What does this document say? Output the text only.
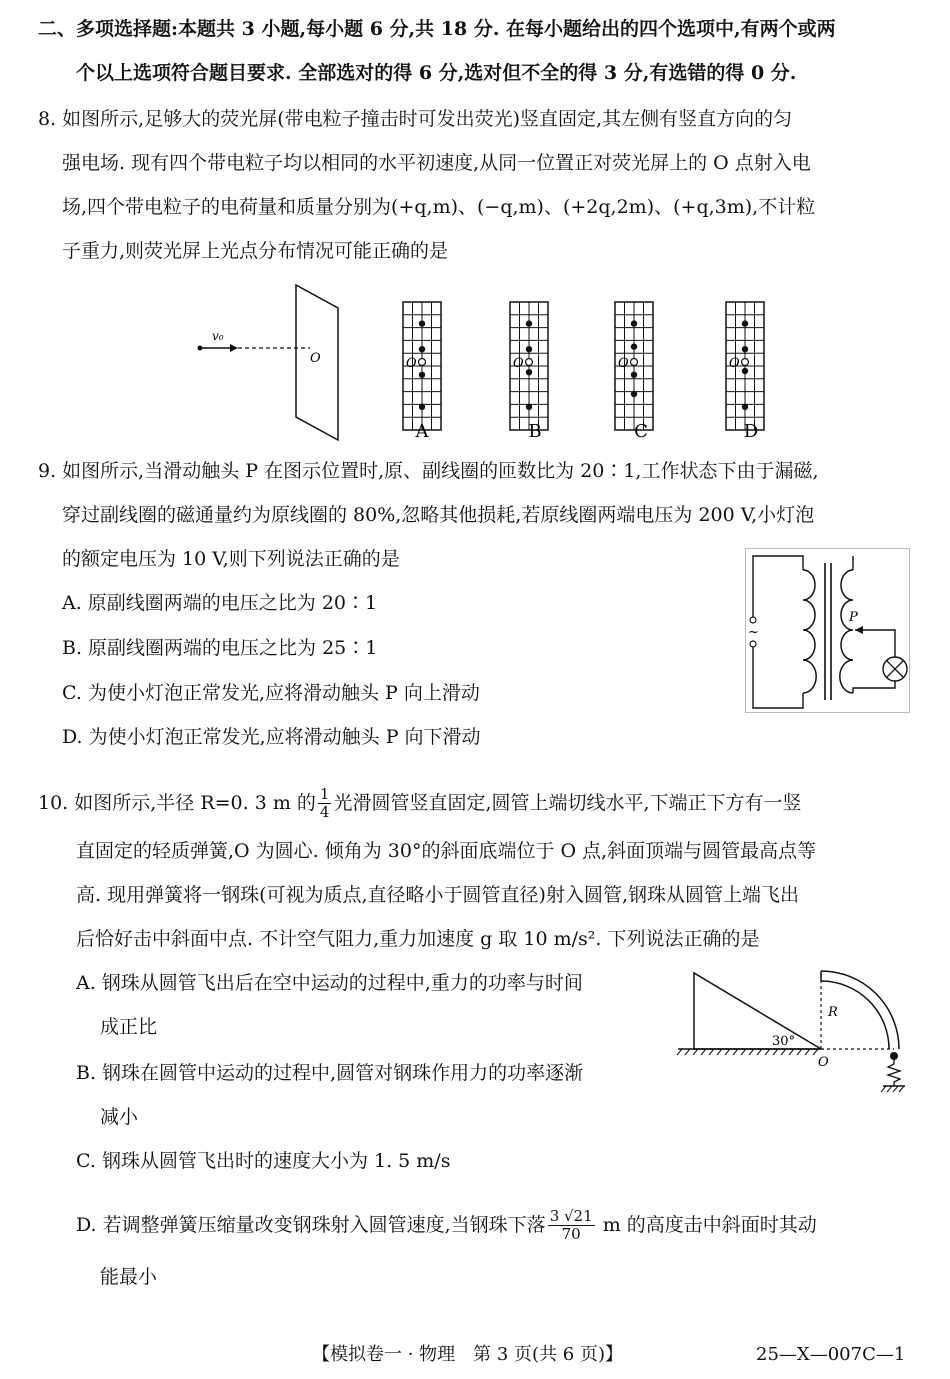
二、多项选择题:本题共 3 小题,每小题 6 分,共 18 分. 在每小题给出的四个选项中,有两个或两
个以上选项符合题目要求. 全部选对的得 6 分,选对但不全的得 3 分,有选错的得 0 分.
8. 如图所示,足够大的荧光屏(带电粒子撞击时可发出荧光)竖直固定,其左侧有竖直方向的匀
强电场. 现有四个带电粒子均以相同的水平初速度,从同一位置正对荧光屏上的 O 点射入电
场,四个带电粒子的电荷量和质量分别为(+q,m)、(−q,m)、(+2q,2m)、(+q,3m),不计粒
子重力,则荧光屏上光点分布情况可能正确的是
v₀
O	O	O	O	O
A	B	C	D
9. 如图所示,当滑动触头 P 在图示位置时,原、副线圈的匝数比为 20∶1,工作状态下由于漏磁,
穿过副线圈的磁通量约为原线圈的 80%,忽略其他损耗,若原线圈两端电压为 200 V,小灯泡
的额定电压为 10 V,则下列说法正确的是
A. 原副线圈两端的电压之比为 20∶1
B. 原副线圈两端的电压之比为 25∶1
C. 为使小灯泡正常发光,应将滑动触头 P 向上滑动
D. 为使小灯泡正常发光,应将滑动触头 P 向下滑动
~
P
10. 如图所示,半径 R=0. 3 m 的 $\frac{1}{4}$ 光滑圆管竖直固定,圆管上端切线水平,下端正下方有一竖
直固定的轻质弹簧,O 为圆心. 倾角为 30°的斜面底端位于 O 点,斜面顶端与圆管最高点等
高. 现用弹簧将一钢珠(可视为质点,直径略小于圆管直径)射入圆管,钢珠从圆管上端飞出
后恰好击中斜面中点. 不计空气阻力,重力加速度 g 取 10 m/s². 下列说法正确的是
A. 钢珠从圆管飞出后在空中运动的过程中,重力的功率与时间
成正比
B. 钢珠在圆管中运动的过程中,圆管对钢珠作用力的功率逐渐
减小
C. 钢珠从圆管飞出时的速度大小为 1. 5 m/s
D. 若调整弹簧压缩量改变钢珠射入圆管速度,当钢珠下落 $\frac{3 √21}{70}$ m 的高度击中斜面时其动
能最小
30°
O
R
【模拟卷一 · 物理　第 3 页(共 6 页)】	25—X—007C—1
